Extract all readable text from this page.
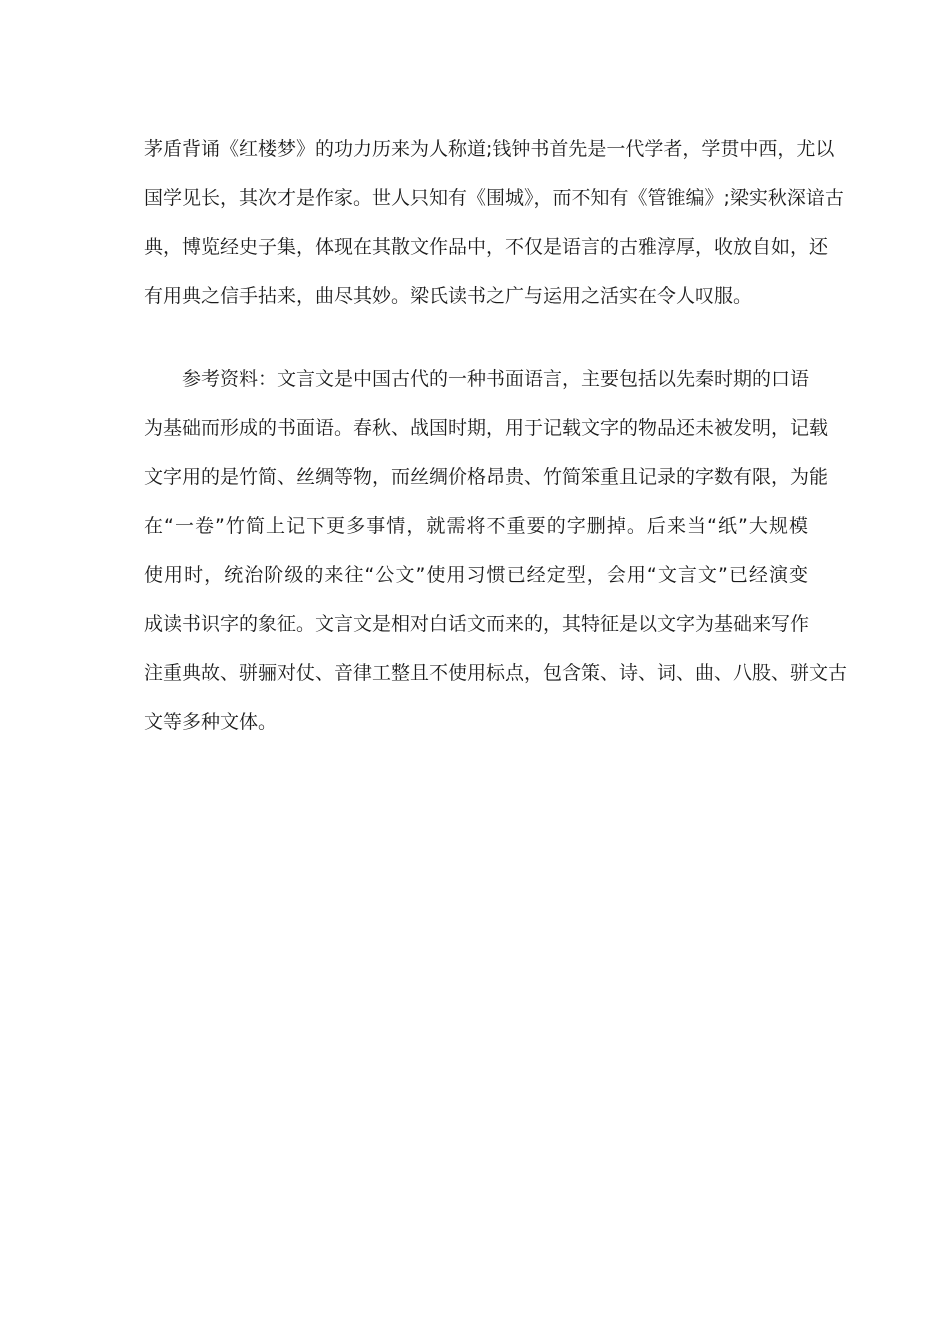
茅盾背诵《红楼梦》的功力历来为人称道;钱钟书首先是一代学者，学贯中西，尤以
国学见长，其次才是作家。世人只知有《围城》，而不知有《管锥编》;梁实秋深谙古
典，博览经史子集，体现在其散文作品中，不仅是语言的古雅淳厚，收放自如，还
有用典之信手拈来，曲尽其妙。梁氏读书之广与运用之活实在令人叹服。
参考资料：文言文是中国古代的一种书面语言，主要包括以先秦时期的口语
为基础而形成的书面语。春秋、战国时期，用于记载文字的物品还未被发明，记载
文字用的是竹简、丝绸等物，而丝绸价格昂贵、竹简笨重且记录的字数有限，为能
在“一卷”竹简上记下更多事情，就需将不重要的字删掉。后来当“纸”大规模
使用时，统治阶级的来往“公文”使用习惯已经定型，会用“文言文”已经演变
成读书识字的象征。文言文是相对白话文而来的，其特征是以文字为基础来写作
注重典故、骈骊对仗、音律工整且不使用标点，包含策、诗、词、曲、八股、骈文古
文等多种文体。
